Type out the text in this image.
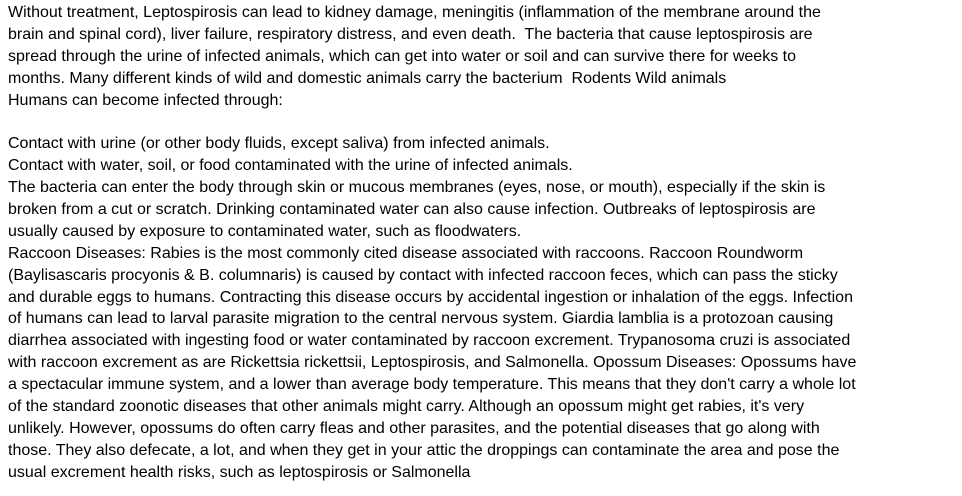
Without treatment, Leptospirosis can lead to kidney damage, meningitis (inflammation of the membrane around the
brain and spinal cord), liver failure, respiratory distress, and even death.  The bacteria that cause leptospirosis are
spread through the urine of infected animals, which can get into water or soil and can survive there for weeks to
months. Many different kinds of wild and domestic animals carry the bacterium  Rodents Wild animals
Humans can become infected through:
Contact with urine (or other body fluids, except saliva) from infected animals.
Contact with water, soil, or food contaminated with the urine of infected animals.
The bacteria can enter the body through skin or mucous membranes (eyes, nose, or mouth), especially if the skin is
broken from a cut or scratch. Drinking contaminated water can also cause infection. Outbreaks of leptospirosis are
usually caused by exposure to contaminated water, such as floodwaters.
Raccoon Diseases: Rabies is the most commonly cited disease associated with raccoons. Raccoon Roundworm
(Baylisascaris procyonis & B. columnaris) is caused by contact with infected raccoon feces, which can pass the sticky
and durable eggs to humans. Contracting this disease occurs by accidental ingestion or inhalation of the eggs. Infection
of humans can lead to larval parasite migration to the central nervous system. Giardia lamblia is a protozoan causing
diarrhea associated with ingesting food or water contaminated by raccoon excrement. Trypanosoma cruzi is associated
with raccoon excrement as are Rickettsia rickettsii, Leptospirosis, and Salmonella. Opossum Diseases: Opossums have
a spectacular immune system, and a lower than average body temperature. This means that they don't carry a whole lot
of the standard zoonotic diseases that other animals might carry. Although an opossum might get rabies, it's very
unlikely. However, opossums do often carry fleas and other parasites, and the potential diseases that go along with
those. They also defecate, a lot, and when they get in your attic the droppings can contaminate the area and pose the
usual excrement health risks, such as leptospirosis or Salmonella
